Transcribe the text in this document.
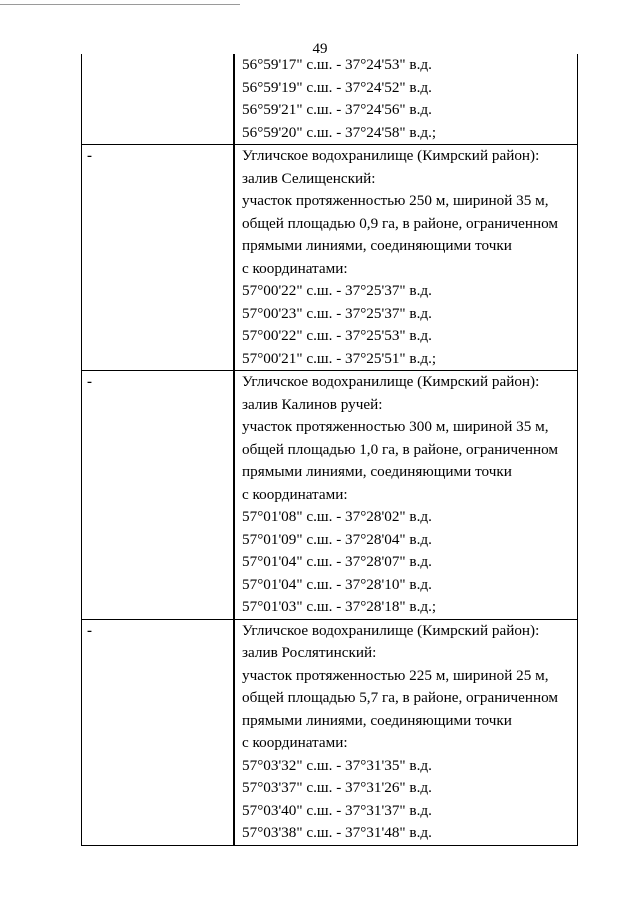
49
56°59'17" с.ш. - 37°24'53" в.д.
56°59'19" с.ш. - 37°24'52" в.д.
56°59'21" с.ш. - 37°24'56" в.д.
56°59'20" с.ш. - 37°24'58" в.д.;
-	Угличское водохранилище (Кимрский район):
залив Селищенский:
участок протяженностью 250 м, шириной 35 м,
общей площадью 0,9 га, в районе, ограниченном
прямыми линиями, соединяющими точки
с координатами:
57°00'22" с.ш. - 37°25'37" в.д.
57°00'23" с.ш. - 37°25'37" в.д.
57°00'22" с.ш. - 37°25'53" в.д.
57°00'21" с.ш. - 37°25'51" в.д.;
-	Угличское водохранилище (Кимрский район):
залив Калинов ручей:
участок протяженностью 300 м, шириной 35 м,
общей площадью 1,0 га, в районе, ограниченном
прямыми линиями, соединяющими точки
с координатами:
57°01'08" с.ш. - 37°28'02" в.д.
57°01'09" с.ш. - 37°28'04" в.д.
57°01'04" с.ш. - 37°28'07" в.д.
57°01'04" с.ш. - 37°28'10" в.д.
57°01'03" с.ш. - 37°28'18" в.д.;
-	Угличское водохранилище (Кимрский район):
залив Рослятинский:
участок протяженностью 225 м, шириной 25 м,
общей площадью 5,7 га, в районе, ограниченном
прямыми линиями, соединяющими точки
с координатами:
57°03'32" с.ш. - 37°31'35" в.д.
57°03'37" с.ш. - 37°31'26" в.д.
57°03'40" с.ш. - 37°31'37" в.д.
57°03'38" с.ш. - 37°31'48" в.д.
